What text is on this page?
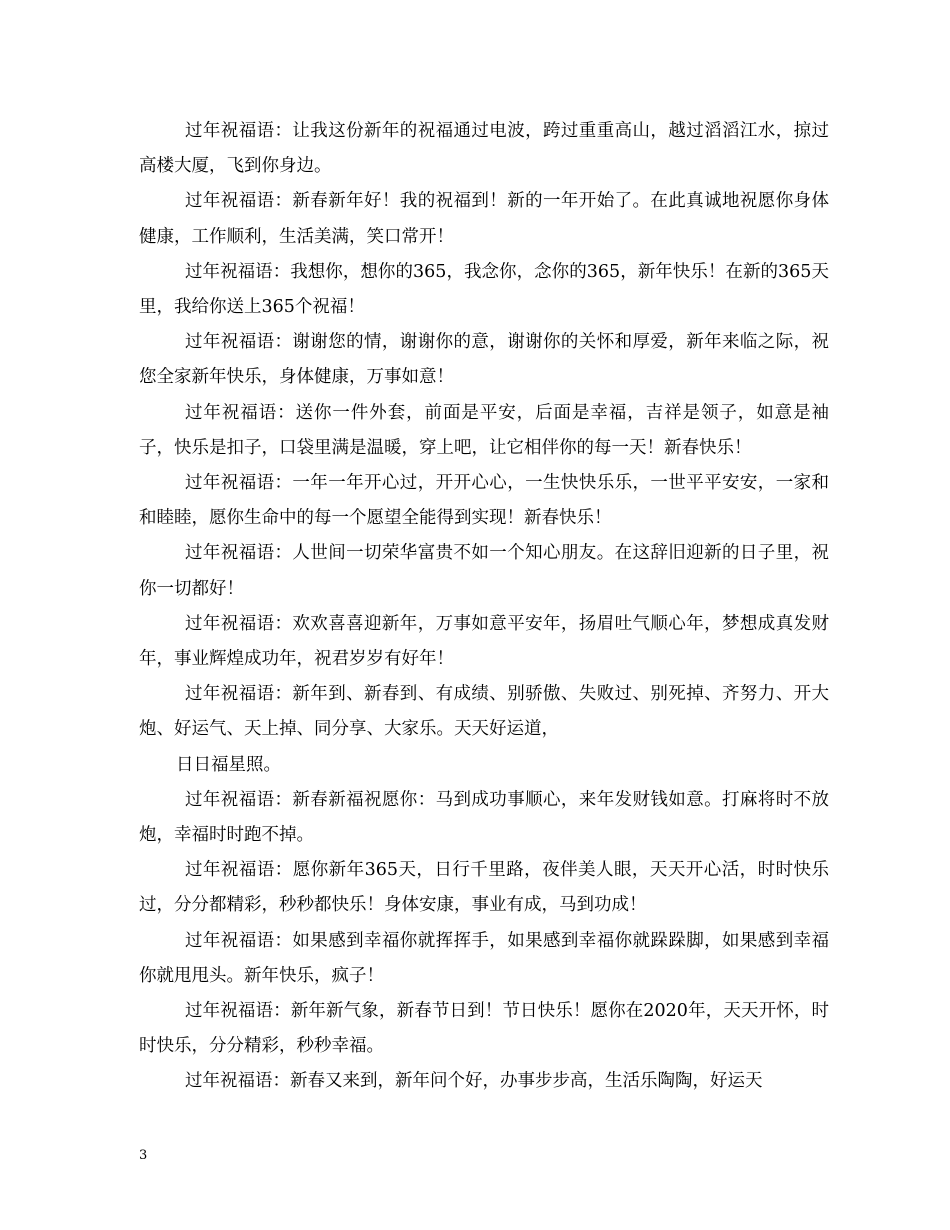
过年祝福语：让我这份新年的祝福通过电波，跨过重重高山，越过滔滔江水，掠过高楼大厦，飞到你身边。

过年祝福语：新春新年好！我的祝福到！新的一年开始了。在此真诚地祝愿你身体健康，工作顺利，生活美满，笑口常开！

过年祝福语：我想你，想你的365，我念你，念你的365，新年快乐！在新的365天里，我给你送上365个祝福！

过年祝福语：谢谢您的情，谢谢你的意，谢谢你的关怀和厚爱，新年来临之际，祝您全家新年快乐，身体健康，万事如意！

过年祝福语：送你一件外套，前面是平安，后面是幸福，吉祥是领子，如意是袖子，快乐是扣子，口袋里满是温暖，穿上吧，让它相伴你的每一天！新春快乐！

过年祝福语：一年一年开心过，开开心心，一生快快乐乐，一世平平安安，一家和和睦睦，愿你生命中的每一个愿望全能得到实现！新春快乐！

过年祝福语：人世间一切荣华富贵不如一个知心朋友。在这辞旧迎新的日子里，祝你一切都好！

过年祝福语：欢欢喜喜迎新年，万事如意平安年，扬眉吐气顺心年，梦想成真发财年，事业辉煌成功年，祝君岁岁有好年！

过年祝福语：新年到、新春到、有成绩、别骄傲、失败过、别死掉、齐努力、开大炮、好运气、天上掉、同分享、大家乐。天天好运道，

日日福星照。

过年祝福语：新春新福祝愿你：马到成功事顺心，来年发财钱如意。打麻将时不放炮，幸福时时跑不掉。

过年祝福语：愿你新年365天，日行千里路，夜伴美人眼，天天开心活，时时快乐过，分分都精彩，秒秒都快乐！身体安康，事业有成，马到功成！

过年祝福语：如果感到幸福你就挥挥手，如果感到幸福你就跺跺脚，如果感到幸福你就甩甩头。新年快乐，疯子！

过年祝福语：新年新气象，新春节日到！节日快乐！愿你在2020年，天天开怀，时时快乐，分分精彩，秒秒幸福。

过年祝福语：新春又来到，新年问个好，办事步步高，生活乐陶陶，好运天

3
